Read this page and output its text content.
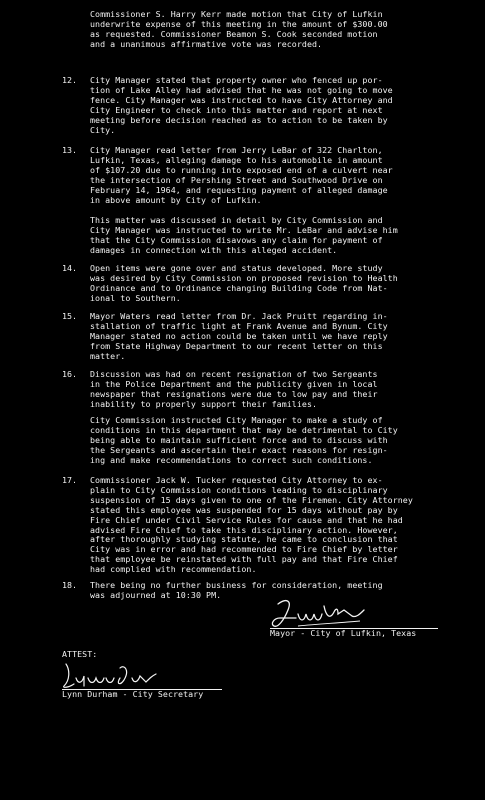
Commissioner S. Harry Kerr made motion that City of Lufkin
underwrite expense of this meeting in the amount of $300.00
as requested. Commissioner Beamon S. Cook seconded motion
and a unanimous affirmative vote was recorded.
12. City Manager stated that property owner who fenced up por-
tion of Lake Alley had advised that he was not going to move
fence. City Manager was instructed to have City Attorney and
City Engineer to check into this matter and report at next
meeting before decision reached as to action to be taken by
City.
13. City Manager read letter from Jerry LeBar of 322 Charlton,
Lufkin, Texas, alleging damage to his automobile in amount
of $107.20 due to running into exposed end of a culvert near
the intersection of Pershing Street and Southwood Drive on
February 14, 1964, and requesting payment of alleged damage
in above amount by City of Lufkin.
This matter was discussed in detail by City Commission and
City Manager was instructed to write Mr. LeBar and advise him
that the City Commission disavows any claim for payment of
damages in connection with this alleged accident.
14. Open items were gone over and status developed. More study
was desired by City Commission on proposed revision to Health
Ordinance and to Ordinance changing Building Code from Nat-
ional to Southern.
15. Mayor Waters read letter from Dr. Jack Pruitt regarding in-
stallation of traffic light at Frank Avenue and Bynum. City
Manager stated no action could be taken until we have reply
from State Highway Department to our recent letter on this
matter.
16. Discussion was had on recent resignation of two Sergeants
in the Police Department and the publicity given in local
newspaper that resignations were due to low pay and their
inability to properly support their families.
City Commission instructed City Manager to make a study of
conditions in this department that may be detrimental to City
being able to maintain sufficient force and to discuss with
the Sergeants and ascertain their exact reasons for resign-
ing and make recommendations to correct such conditions.
17. Commissioner Jack W. Tucker requested City Attorney to ex-
plain to City Commission conditions leading to disciplinary
suspension of 15 days given to one of the Firemen. City Attorney
stated this employee was suspended for 15 days without pay by
Fire Chief under Civil Service Rules for cause and that he had
advised Fire Chief to take this disciplinary action. However,
after thoroughly studying statute, he came to conclusion that
City was in error and had recommended to Fire Chief by letter
that employee be reinstated with full pay and that Fire Chief
had complied with recommendation.
18. There being no further business for consideration, meeting
was adjourned at 10:30 PM.
Mayor - City of Lufkin, Texas
ATTEST:
Lynn Durham - City Secretary
